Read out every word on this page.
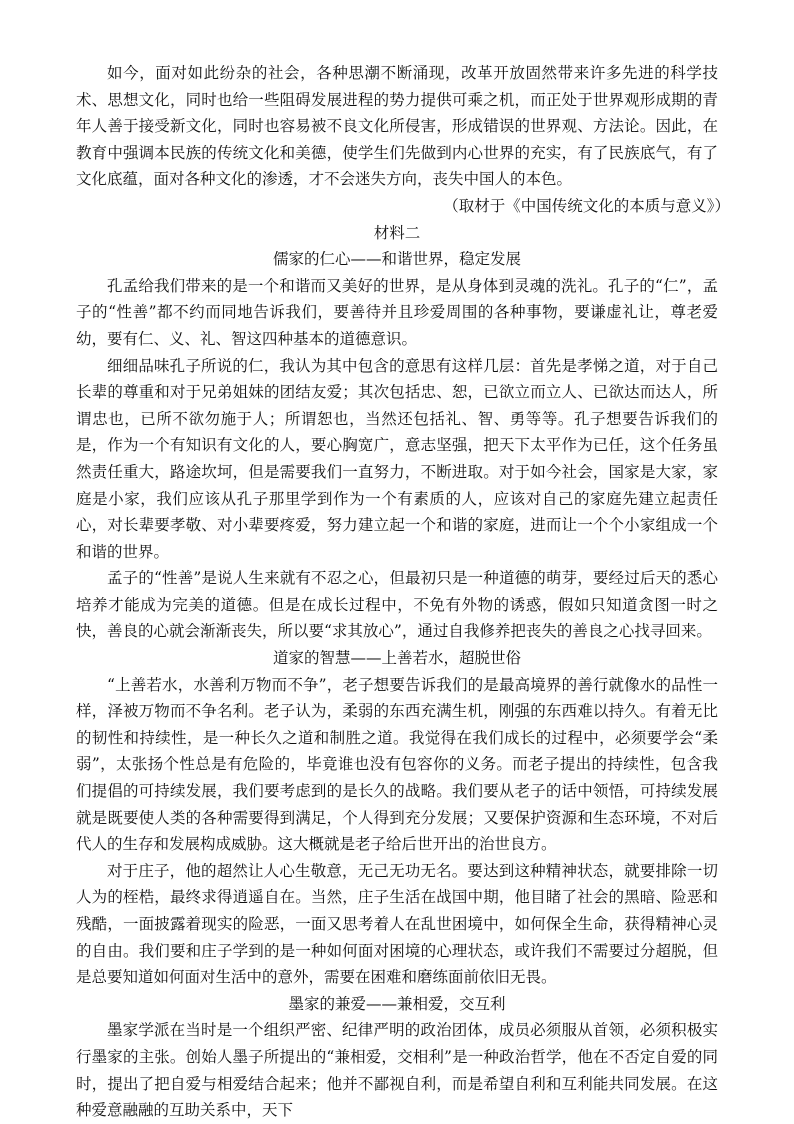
如今，面对如此纷杂的社会，各种思潮不断涌现，改革开放固然带来许多先进的科学技术、思想文化，同时也给一些阻碍发展进程的势力提供可乘之机，而正处于世界观形成期的青年人善于接受新文化，同时也容易被不良文化所侵害，形成错误的世界观、方法论。因此，在教育中强调本民族的传统文化和美德，使学生们先做到内心世界的充实，有了民族底气，有了文化底蕴，面对各种文化的渗透，才不会迷失方向，丧失中国人的本色。

（取材于《中国传统文化的本质与意义》）

材料二

儒家的仁心——和谐世界，稳定发展

孔孟给我们带来的是一个和谐而又美好的世界，是从身体到灵魂的洗礼。孔子的“仁”，孟子的“性善”都不约而同地告诉我们，要善待并且珍爱周围的各种事物，要谦虚礼让，尊老爱幼，要有仁、义、礼、智这四种基本的道德意识。

细细品味孔子所说的仁，我认为其中包含的意思有这样几层：首先是孝悌之道，对于自己长辈的尊重和对于兄弟姐妹的团结友爱；其次包括忠、恕，已欲立而立人、已欲达而达人，所谓忠也，已所不欲勿施于人；所谓恕也，当然还包括礼、智、勇等等。孔子想要告诉我们的是，作为一个有知识有文化的人，要心胸宽广，意志坚强，把天下太平作为已任，这个任务虽然责任重大，路途坎坷，但是需要我们一直努力，不断进取。对于如今社会，国家是大家，家庭是小家，我们应该从孔子那里学到作为一个有素质的人，应该对自己的家庭先建立起责任心，对长辈要孝敬、对小辈要疼爱，努力建立起一个和谐的家庭，进而让一个个小家组成一个和谐的世界。

孟子的“性善”是说人生来就有不忍之心，但最初只是一种道德的萌芽，要经过后天的悉心培养才能成为完美的道德。但是在成长过程中，不免有外物的诱惑，假如只知道贪图一时之快，善良的心就会渐渐丧失，所以要“求其放心”，通过自我修养把丧失的善良之心找寻回来。

道家的智慧——上善若水，超脱世俗

“上善若水，水善利万物而不争”，老子想要告诉我们的是最高境界的善行就像水的品性一样，泽被万物而不争名利。老子认为，柔弱的东西充满生机，刚强的东西难以持久。有着无比的韧性和持续性，是一种长久之道和制胜之道。我觉得在我们成长的过程中，必须要学会“柔弱”，太张扬个性总是有危险的，毕竟谁也没有包容你的义务。而老子提出的持续性，包含我们提倡的可持续发展，我们要考虑到的是长久的战略。我们要从老子的话中领悟，可持续发展就是既要使人类的各种需要得到满足，个人得到充分发展；又要保护资源和生态环境，不对后代人的生存和发展构成威胁。这大概就是老子给后世开出的治世良方。

对于庄子，他的超然让人心生敬意，无己无功无名。要达到这种精神状态，就要排除一切人为的桎梏，最终求得逍遥自在。当然，庄子生活在战国中期，他目睹了社会的黑暗、险恶和残酷，一面披露着现实的险恶，一面又思考着人在乱世困境中，如何保全生命，获得精神心灵的自由。我们要和庄子学到的是一种如何面对困境的心理状态，或许我们不需要过分超脱，但是总要知道如何面对生活中的意外，需要在困难和磨练面前依旧无畏。

墨家的兼爱——兼相爱，交互利

墨家学派在当时是一个组织严密、纪律严明的政治团体，成员必须服从首领，必须积极实行墨家的主张。创始人墨子所提出的“兼相爱，交相利”是一种政治哲学，他在不否定自爱的同时，提出了把自爱与相爱结合起来；他并不鄙视自利，而是希望自利和互利能共同发展。在这种爱意融融的互助关系中，天下
